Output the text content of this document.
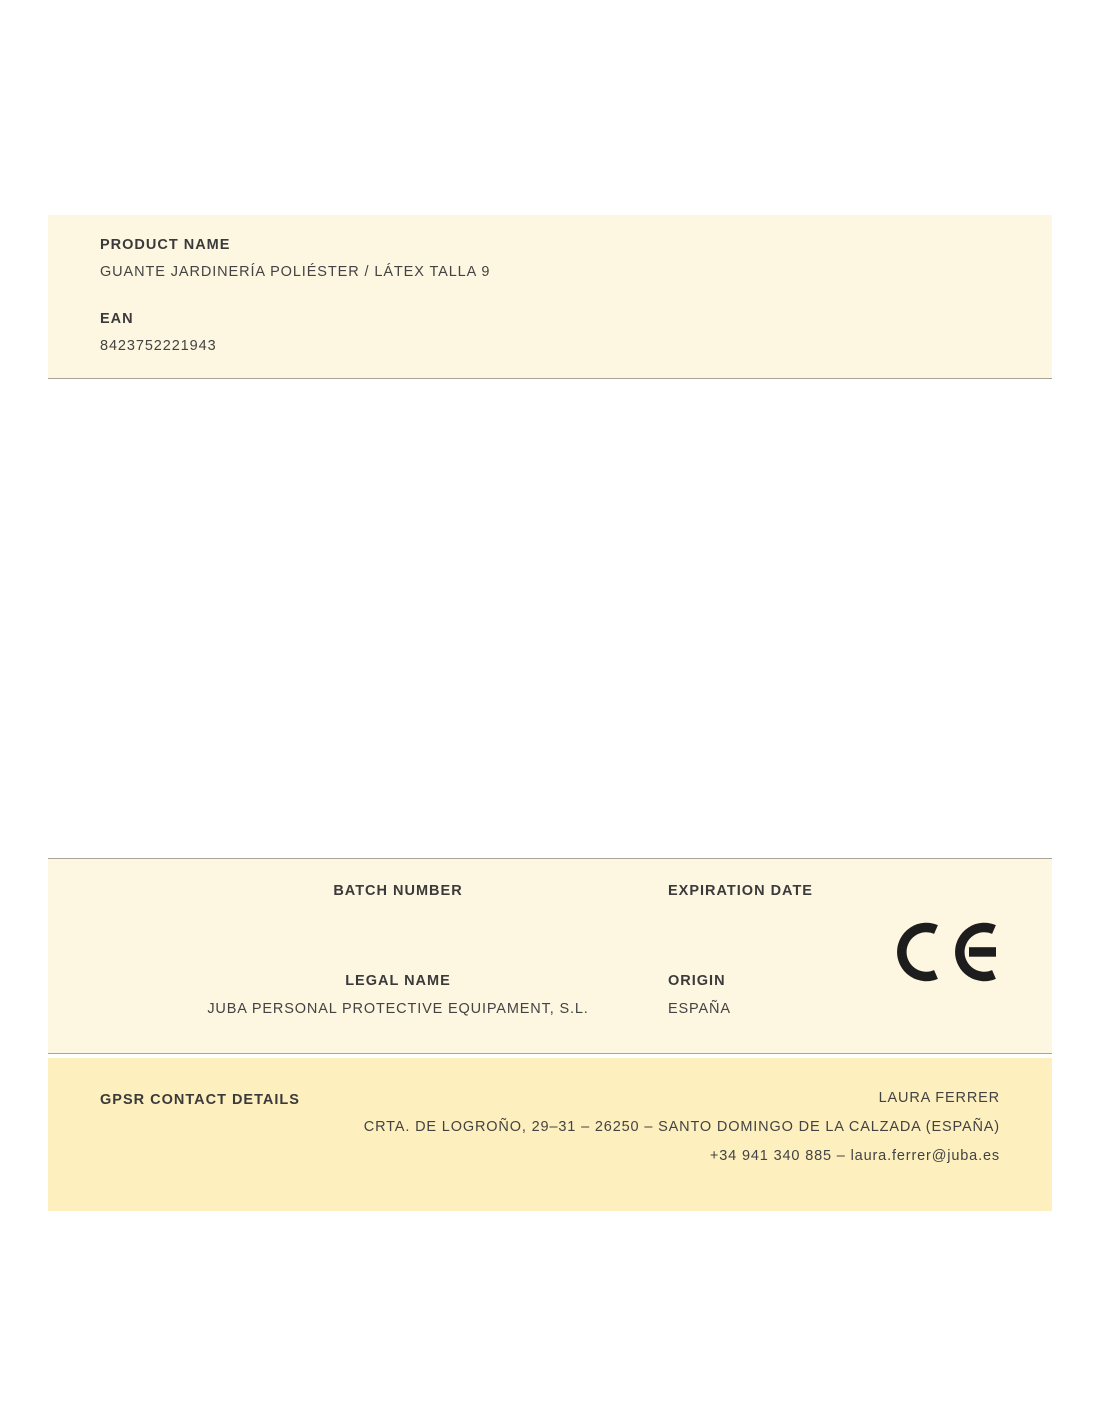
PRODUCT NAME

GUANTE JARDINERÍA POLIÉSTER / LÁTEX TALLA 9

EAN

8423752221943

BATCH NUMBER	EXPIRATION DATE

LEGAL NAME

JUBA PERSONAL PROTECTIVE EQUIPAMENT, S.L.

ORIGIN

ESPAÑA

GPSR CONTACT DETAILS	LAURA FERRER

CRTA. DE LOGROÑO, 29–31 – 26250 – SANTO DOMINGO DE LA CALZADA (ESPAÑA)

+34 941 340 885 – laura.ferrer@juba.es
